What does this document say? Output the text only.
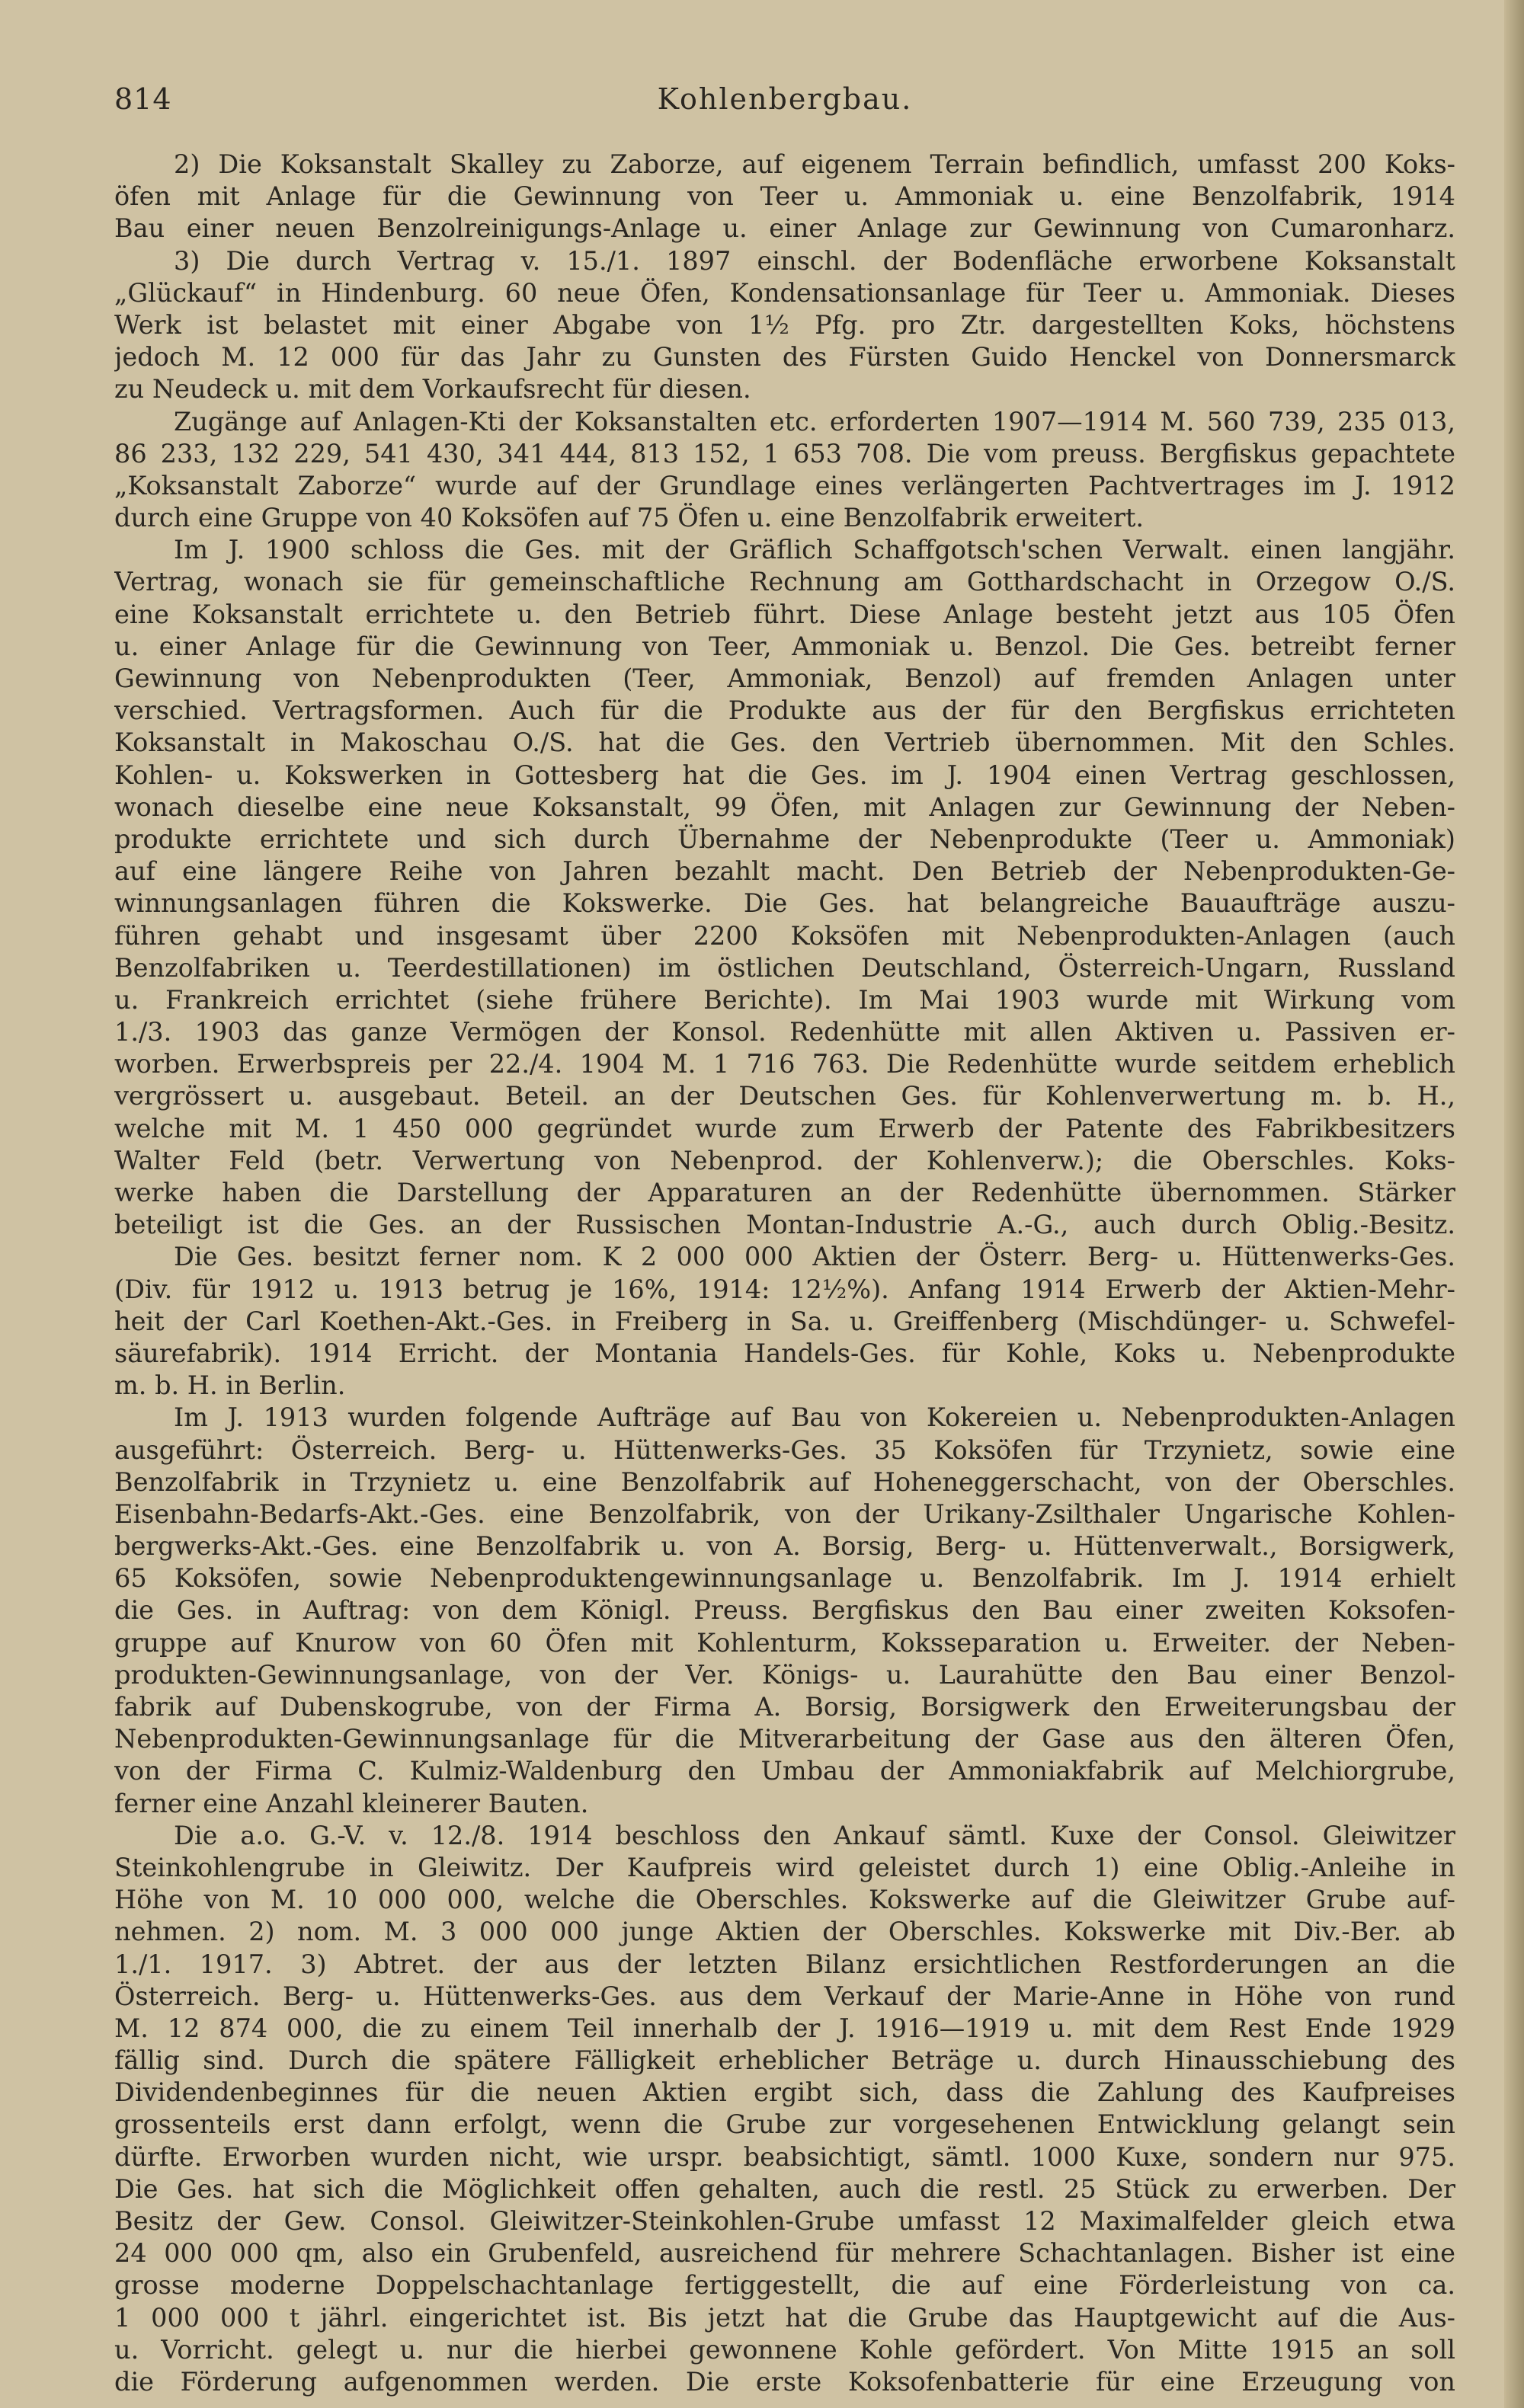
814	Kohlenbergbau.
2) Die Koksanstalt Skalley zu Zaborze, auf eigenem Terrain befindlich, umfasst 200 Koks-
öfen mit Anlage für die Gewinnung von Teer u. Ammoniak u. eine Benzolfabrik, 1914
Bau einer neuen Benzolreinigungs-Anlage u. einer Anlage zur Gewinnung von Cumaronharz.
3) Die durch Vertrag v. 15./1. 1897 einschl. der Bodenfläche erworbene Koksanstalt
„Glückauf“ in Hindenburg. 60 neue Öfen, Kondensationsanlage für Teer u. Ammoniak. Dieses
Werk ist belastet mit einer Abgabe von 1½ Pfg. pro Ztr. dargestellten Koks, höchstens
jedoch M. 12 000 für das Jahr zu Gunsten des Fürsten Guido Henckel von Donnersmarck
zu Neudeck u. mit dem Vorkaufsrecht für diesen.
Zugänge auf Anlagen-Kti der Koksanstalten etc. erforderten 1907—1914 M. 560 739, 235 013,
86 233, 132 229, 541 430, 341 444, 813 152, 1 653 708. Die vom preuss. Bergfiskus gepachtete
„Koksanstalt Zaborze“ wurde auf der Grundlage eines verlängerten Pachtvertrages im J. 1912
durch eine Gruppe von 40 Koksöfen auf 75 Öfen u. eine Benzolfabrik erweitert.
Im J. 1900 schloss die Ges. mit der Gräflich Schaffgotsch'schen Verwalt. einen langjähr.
Vertrag, wonach sie für gemeinschaftliche Rechnung am Gotthardschacht in Orzegow O./S.
eine Koksanstalt errichtete u. den Betrieb führt. Diese Anlage besteht jetzt aus 105 Öfen
u. einer Anlage für die Gewinnung von Teer, Ammoniak u. Benzol. Die Ges. betreibt ferner
Gewinnung von Nebenprodukten (Teer, Ammoniak, Benzol) auf fremden Anlagen unter
verschied. Vertragsformen. Auch für die Produkte aus der für den Bergfiskus errichteten
Koksanstalt in Makoschau O./S. hat die Ges. den Vertrieb übernommen. Mit den Schles.
Kohlen- u. Kokswerken in Gottesberg hat die Ges. im J. 1904 einen Vertrag geschlossen,
wonach dieselbe eine neue Koksanstalt, 99 Öfen, mit Anlagen zur Gewinnung der Neben-
produkte errichtete und sich durch Übernahme der Nebenprodukte (Teer u. Ammoniak)
auf eine längere Reihe von Jahren bezahlt macht. Den Betrieb der Nebenprodukten-Ge-
winnungsanlagen führen die Kokswerke. Die Ges. hat belangreiche Bauaufträge auszu-
führen gehabt und insgesamt über 2200 Koksöfen mit Nebenprodukten-Anlagen (auch
Benzolfabriken u. Teerdestillationen) im östlichen Deutschland, Österreich-Ungarn, Russland
u. Frankreich errichtet (siehe frühere Berichte). Im Mai 1903 wurde mit Wirkung vom
1./3. 1903 das ganze Vermögen der Konsol. Redenhütte mit allen Aktiven u. Passiven er-
worben. Erwerbspreis per 22./4. 1904 M. 1 716 763. Die Redenhütte wurde seitdem erheblich
vergrössert u. ausgebaut. Beteil. an der Deutschen Ges. für Kohlenverwertung m. b. H.,
welche mit M. 1 450 000 gegründet wurde zum Erwerb der Patente des Fabrikbesitzers
Walter Feld (betr. Verwertung von Nebenprod. der Kohlenverw.); die Oberschles. Koks-
werke haben die Darstellung der Apparaturen an der Redenhütte übernommen. Stärker
beteiligt ist die Ges. an der Russischen Montan-Industrie A.-G., auch durch Oblig.-Besitz.
Die Ges. besitzt ferner nom. K 2 000 000 Aktien der Österr. Berg- u. Hüttenwerks-Ges.
(Div. für 1912 u. 1913 betrug je 16%, 1914: 12½%). Anfang 1914 Erwerb der Aktien-Mehr-
heit der Carl Koethen-Akt.-Ges. in Freiberg in Sa. u. Greiffenberg (Mischdünger- u. Schwefel-
säurefabrik). 1914 Erricht. der Montania Handels-Ges. für Kohle, Koks u. Nebenprodukte
m. b. H. in Berlin.
Im J. 1913 wurden folgende Aufträge auf Bau von Kokereien u. Nebenprodukten-Anlagen
ausgeführt: Österreich. Berg- u. Hüttenwerks-Ges. 35 Koksöfen für Trzynietz, sowie eine
Benzolfabrik in Trzynietz u. eine Benzolfabrik auf Hoheneggerschacht, von der Oberschles.
Eisenbahn-Bedarfs-Akt.-Ges. eine Benzolfabrik, von der Urikany-Zsilthaler Ungarische Kohlen-
bergwerks-Akt.-Ges. eine Benzolfabrik u. von A. Borsig, Berg- u. Hüttenverwalt., Borsigwerk,
65 Koksöfen, sowie Nebenproduktengewinnungsanlage u. Benzolfabrik. Im J. 1914 erhielt
die Ges. in Auftrag: von dem Königl. Preuss. Bergfiskus den Bau einer zweiten Koksofen-
gruppe auf Knurow von 60 Öfen mit Kohlenturm, Koksseparation u. Erweiter. der Neben-
produkten-Gewinnungsanlage, von der Ver. Königs- u. Laurahütte den Bau einer Benzol-
fabrik auf Dubenskogrube, von der Firma A. Borsig, Borsigwerk den Erweiterungsbau der
Nebenprodukten-Gewinnungsanlage für die Mitverarbeitung der Gase aus den älteren Öfen,
von der Firma C. Kulmiz-Waldenburg den Umbau der Ammoniakfabrik auf Melchiorgrube,
ferner eine Anzahl kleinerer Bauten.
Die a.o. G.-V. v. 12./8. 1914 beschloss den Ankauf sämtl. Kuxe der Consol. Gleiwitzer
Steinkohlengrube in Gleiwitz. Der Kaufpreis wird geleistet durch 1) eine Oblig.-Anleihe in
Höhe von M. 10 000 000, welche die Oberschles. Kokswerke auf die Gleiwitzer Grube auf-
nehmen. 2) nom. M. 3 000 000 junge Aktien der Oberschles. Kokswerke mit Div.-Ber. ab
1./1. 1917. 3) Abtret. der aus der letzten Bilanz ersichtlichen Restforderungen an die
Österreich. Berg- u. Hüttenwerks-Ges. aus dem Verkauf der Marie-Anne in Höhe von rund
M. 12 874 000, die zu einem Teil innerhalb der J. 1916—1919 u. mit dem Rest Ende 1929
fällig sind. Durch die spätere Fälligkeit erheblicher Beträge u. durch Hinausschiebung des
Dividendenbeginnes für die neuen Aktien ergibt sich, dass die Zahlung des Kaufpreises
grossenteils erst dann erfolgt, wenn die Grube zur vorgesehenen Entwicklung gelangt sein
dürfte. Erworben wurden nicht, wie urspr. beabsichtigt, sämtl. 1000 Kuxe, sondern nur 975.
Die Ges. hat sich die Möglichkeit offen gehalten, auch die restl. 25 Stück zu erwerben. Der
Besitz der Gew. Consol. Gleiwitzer-Steinkohlen-Grube umfasst 12 Maximalfelder gleich etwa
24 000 000 qm, also ein Grubenfeld, ausreichend für mehrere Schachtanlagen. Bisher ist eine
grosse moderne Doppelschachtanlage fertiggestellt, die auf eine Förderleistung von ca.
1 000 000 t jährl. eingerichtet ist. Bis jetzt hat die Grube das Hauptgewicht auf die Aus-
u. Vorricht. gelegt u. nur die hierbei gewonnene Kohle gefördert. Von Mitte 1915 an soll
die Förderung aufgenommen werden. Die erste Koksofenbatterie für eine Erzeugung von
